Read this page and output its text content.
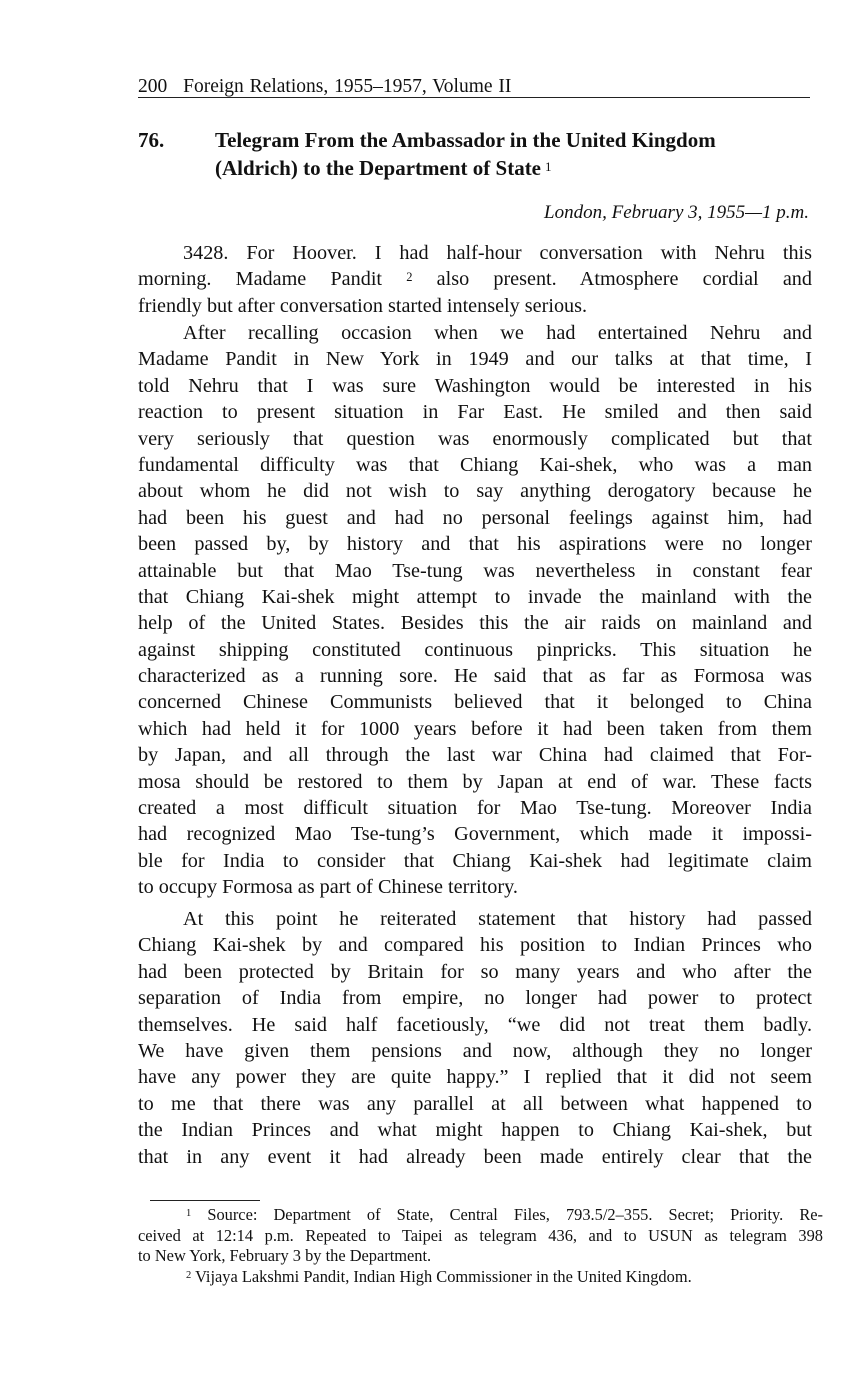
200 Foreign Relations, 1955–1957, Volume II
76. Telegram From the Ambassador in the United Kingdom
(Aldrich) to the Department of State $^1$
London, February 3, 1955—1 p.m.
3428. For Hoover. I had half-hour conversation with Nehru this
morning. Madame Pandit $^2$ also present. Atmosphere cordial and
friendly but after conversation started intensely serious.
After recalling occasion when we had entertained Nehru and
Madame Pandit in New York in 1949 and our talks at that time, I
told Nehru that I was sure Washington would be interested in his
reaction to present situation in Far East. He smiled and then said
very seriously that question was enormously complicated but that
fundamental difficulty was that Chiang Kai-shek, who was a man
about whom he did not wish to say anything derogatory because he
had been his guest and had no personal feelings against him, had
been passed by, by history and that his aspirations were no longer
attainable but that Mao Tse-tung was nevertheless in constant fear
that Chiang Kai-shek might attempt to invade the mainland with the
help of the United States. Besides this the air raids on mainland and
against shipping constituted continuous pinpricks. This situation he
characterized as a running sore. He said that as far as Formosa was
concerned Chinese Communists believed that it belonged to China
which had held it for 1000 years before it had been taken from them
by Japan, and all through the last war China had claimed that For-
mosa should be restored to them by Japan at end of war. These facts
created a most difficult situation for Mao Tse-tung. Moreover India
had recognized Mao Tse-tung’s Government, which made it impossi-
ble for India to consider that Chiang Kai-shek had legitimate claim
to occupy Formosa as part of Chinese territory.
At this point he reiterated statement that history had passed
Chiang Kai-shek by and compared his position to Indian Princes who
had been protected by Britain for so many years and who after the
separation of India from empire, no longer had power to protect
themselves. He said half facetiously, “we did not treat them badly.
We have given them pensions and now, although they no longer
have any power they are quite happy.” I replied that it did not seem
to me that there was any parallel at all between what happened to
the Indian Princes and what might happen to Chiang Kai-shek, but
that in any event it had already been made entirely clear that the
$^1$ Source: Department of State, Central Files, 793.5/2–355. Secret; Priority. Re-
ceived at 12:14 p.m. Repeated to Taipei as telegram 436, and to USUN as telegram 398
to New York, February 3 by the Department.
$^2$ Vijaya Lakshmi Pandit, Indian High Commissioner in the United Kingdom.
